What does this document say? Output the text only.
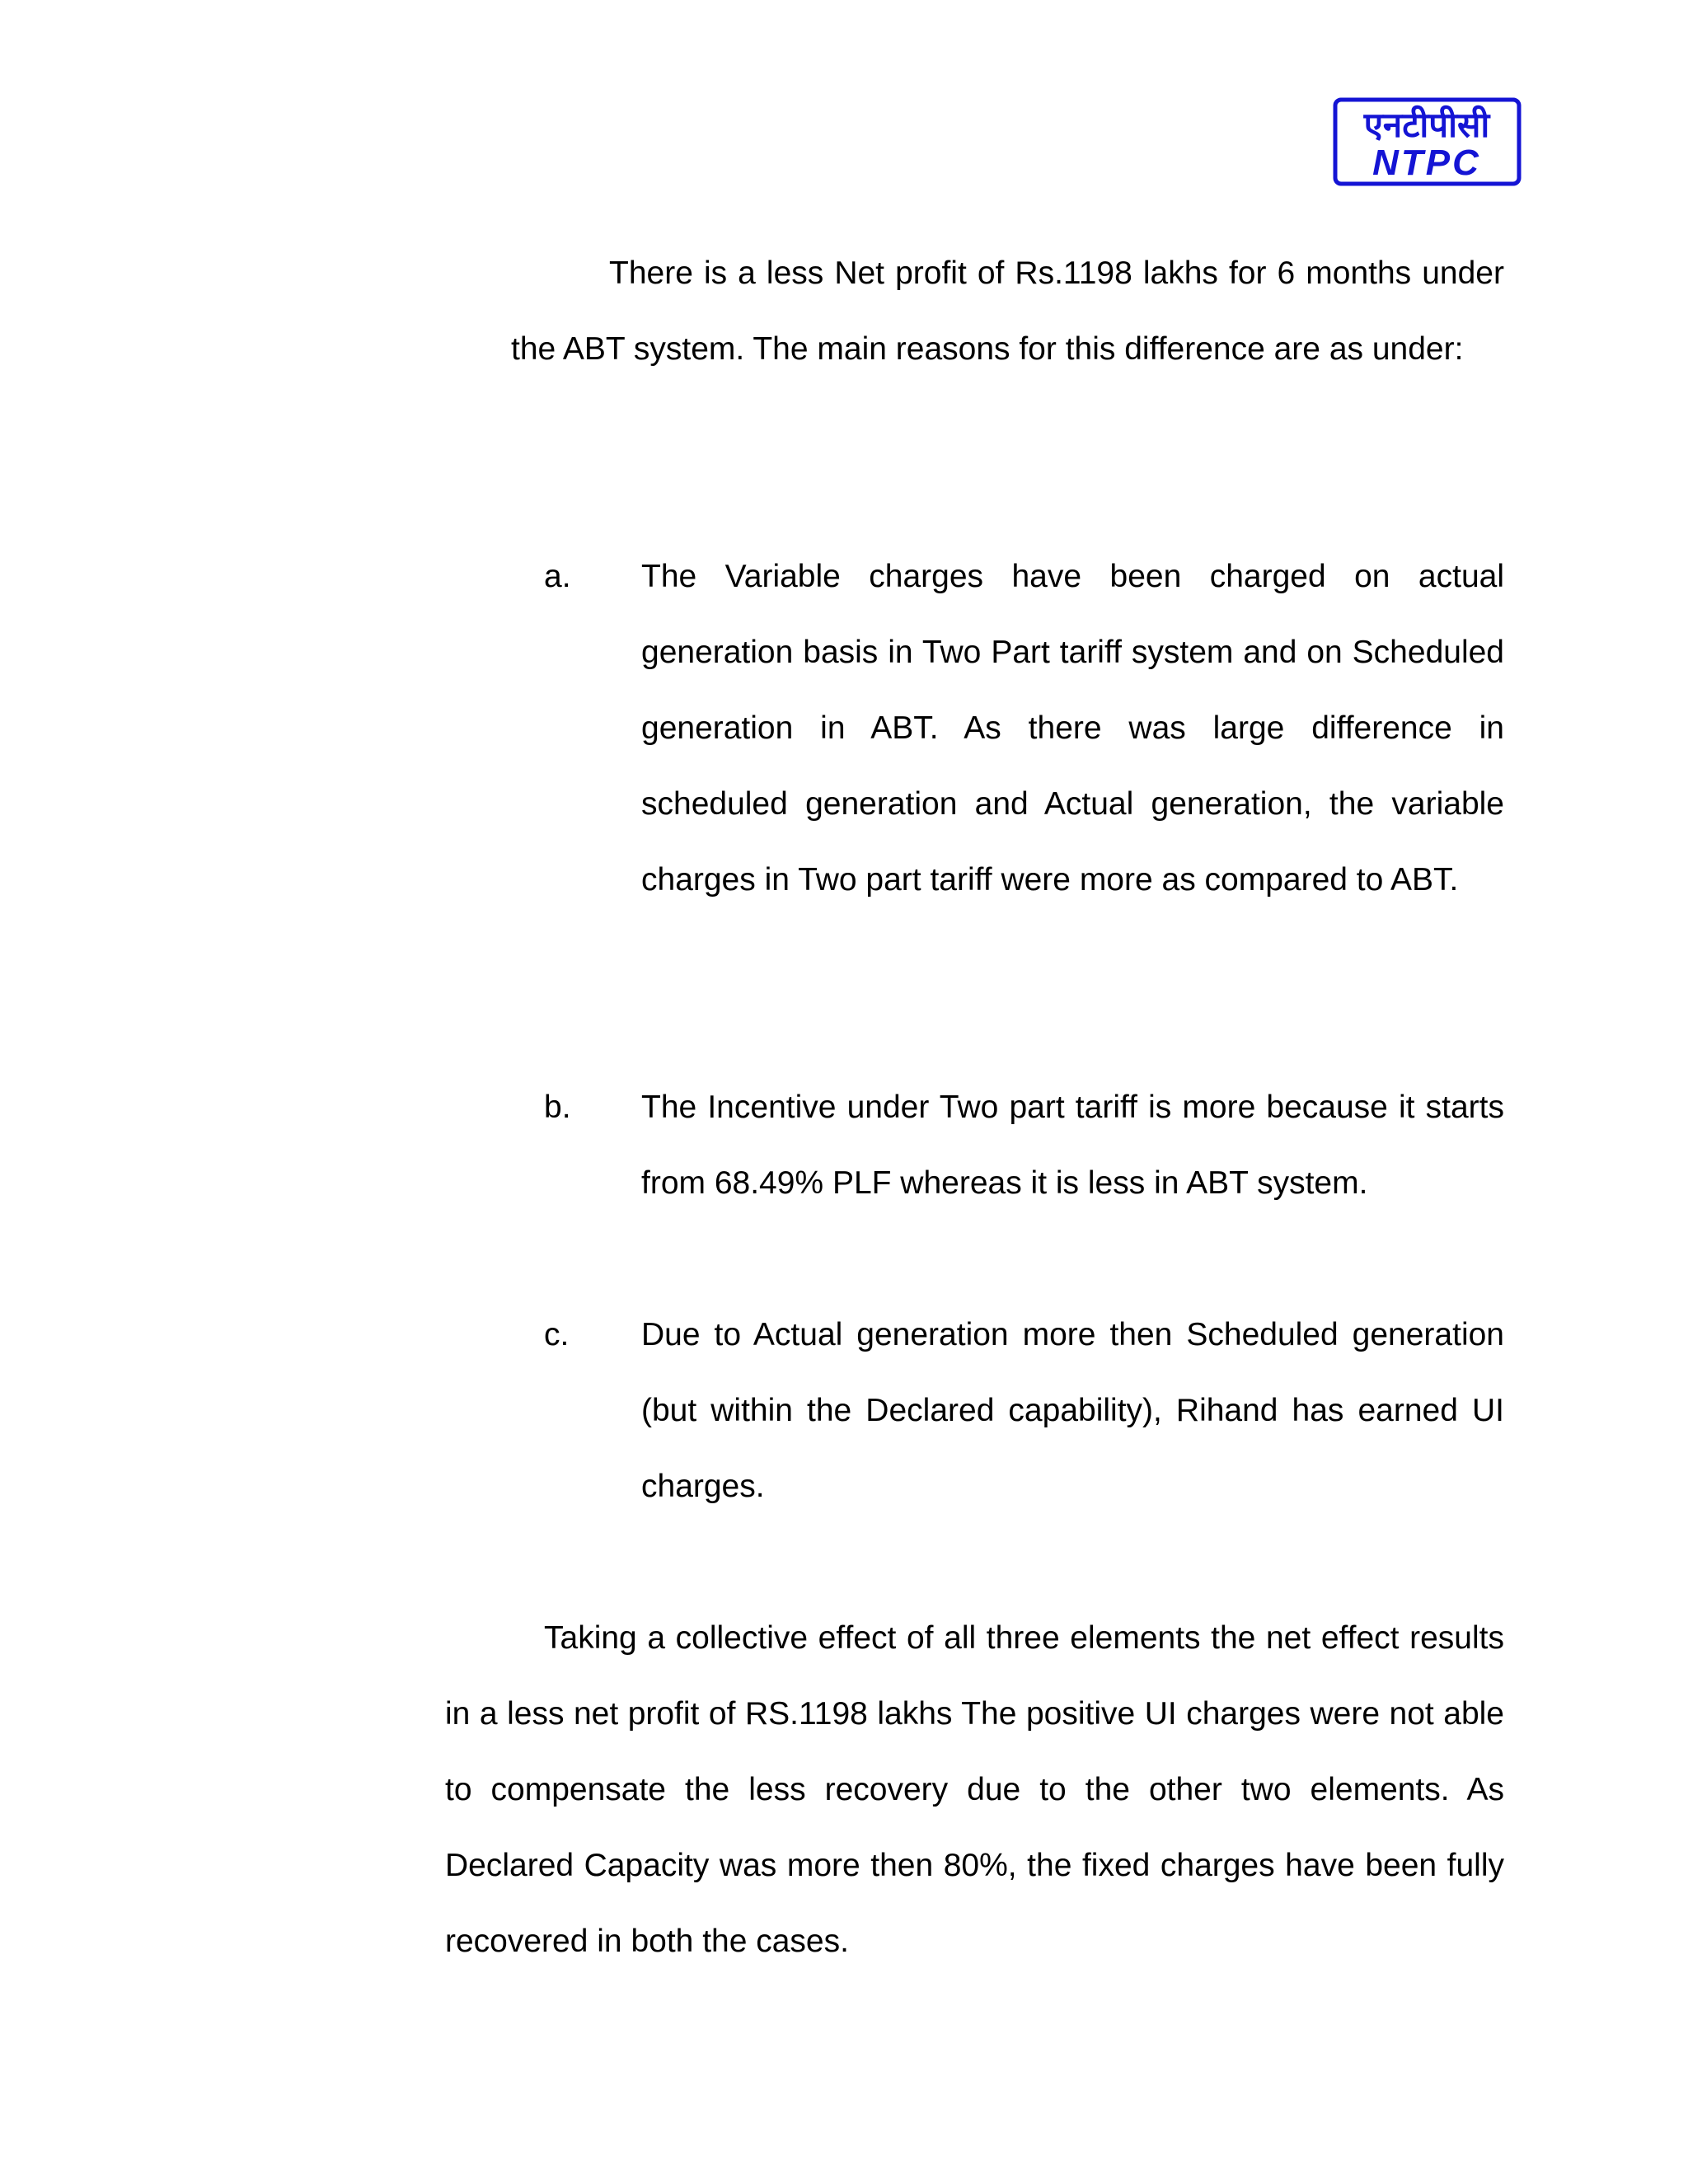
एनटीपीसी
NTPC

There is a less Net profit of Rs.1198 lakhs for 6 months under the ABT system. The main reasons for this difference are as under:

a. The Variable charges have been charged on actual generation basis in Two Part tariff system and on Scheduled generation in ABT. As there was large difference in scheduled generation and Actual generation, the variable charges in Two part tariff were more as compared to ABT.
b. The Incentive under Two part tariff is more because it starts from 68.49% PLF whereas it is less in ABT system.
c. Due to Actual generation more then Scheduled generation (but within the Declared capability), Rihand has earned UI charges.

Taking a collective effect of all three elements the net effect results in a less net profit of RS.1198 lakhs The positive UI charges were not able to compensate the less recovery due to the other two elements. As Declared Capacity was more then 80%, the fixed charges have been fully recovered in both the cases.
